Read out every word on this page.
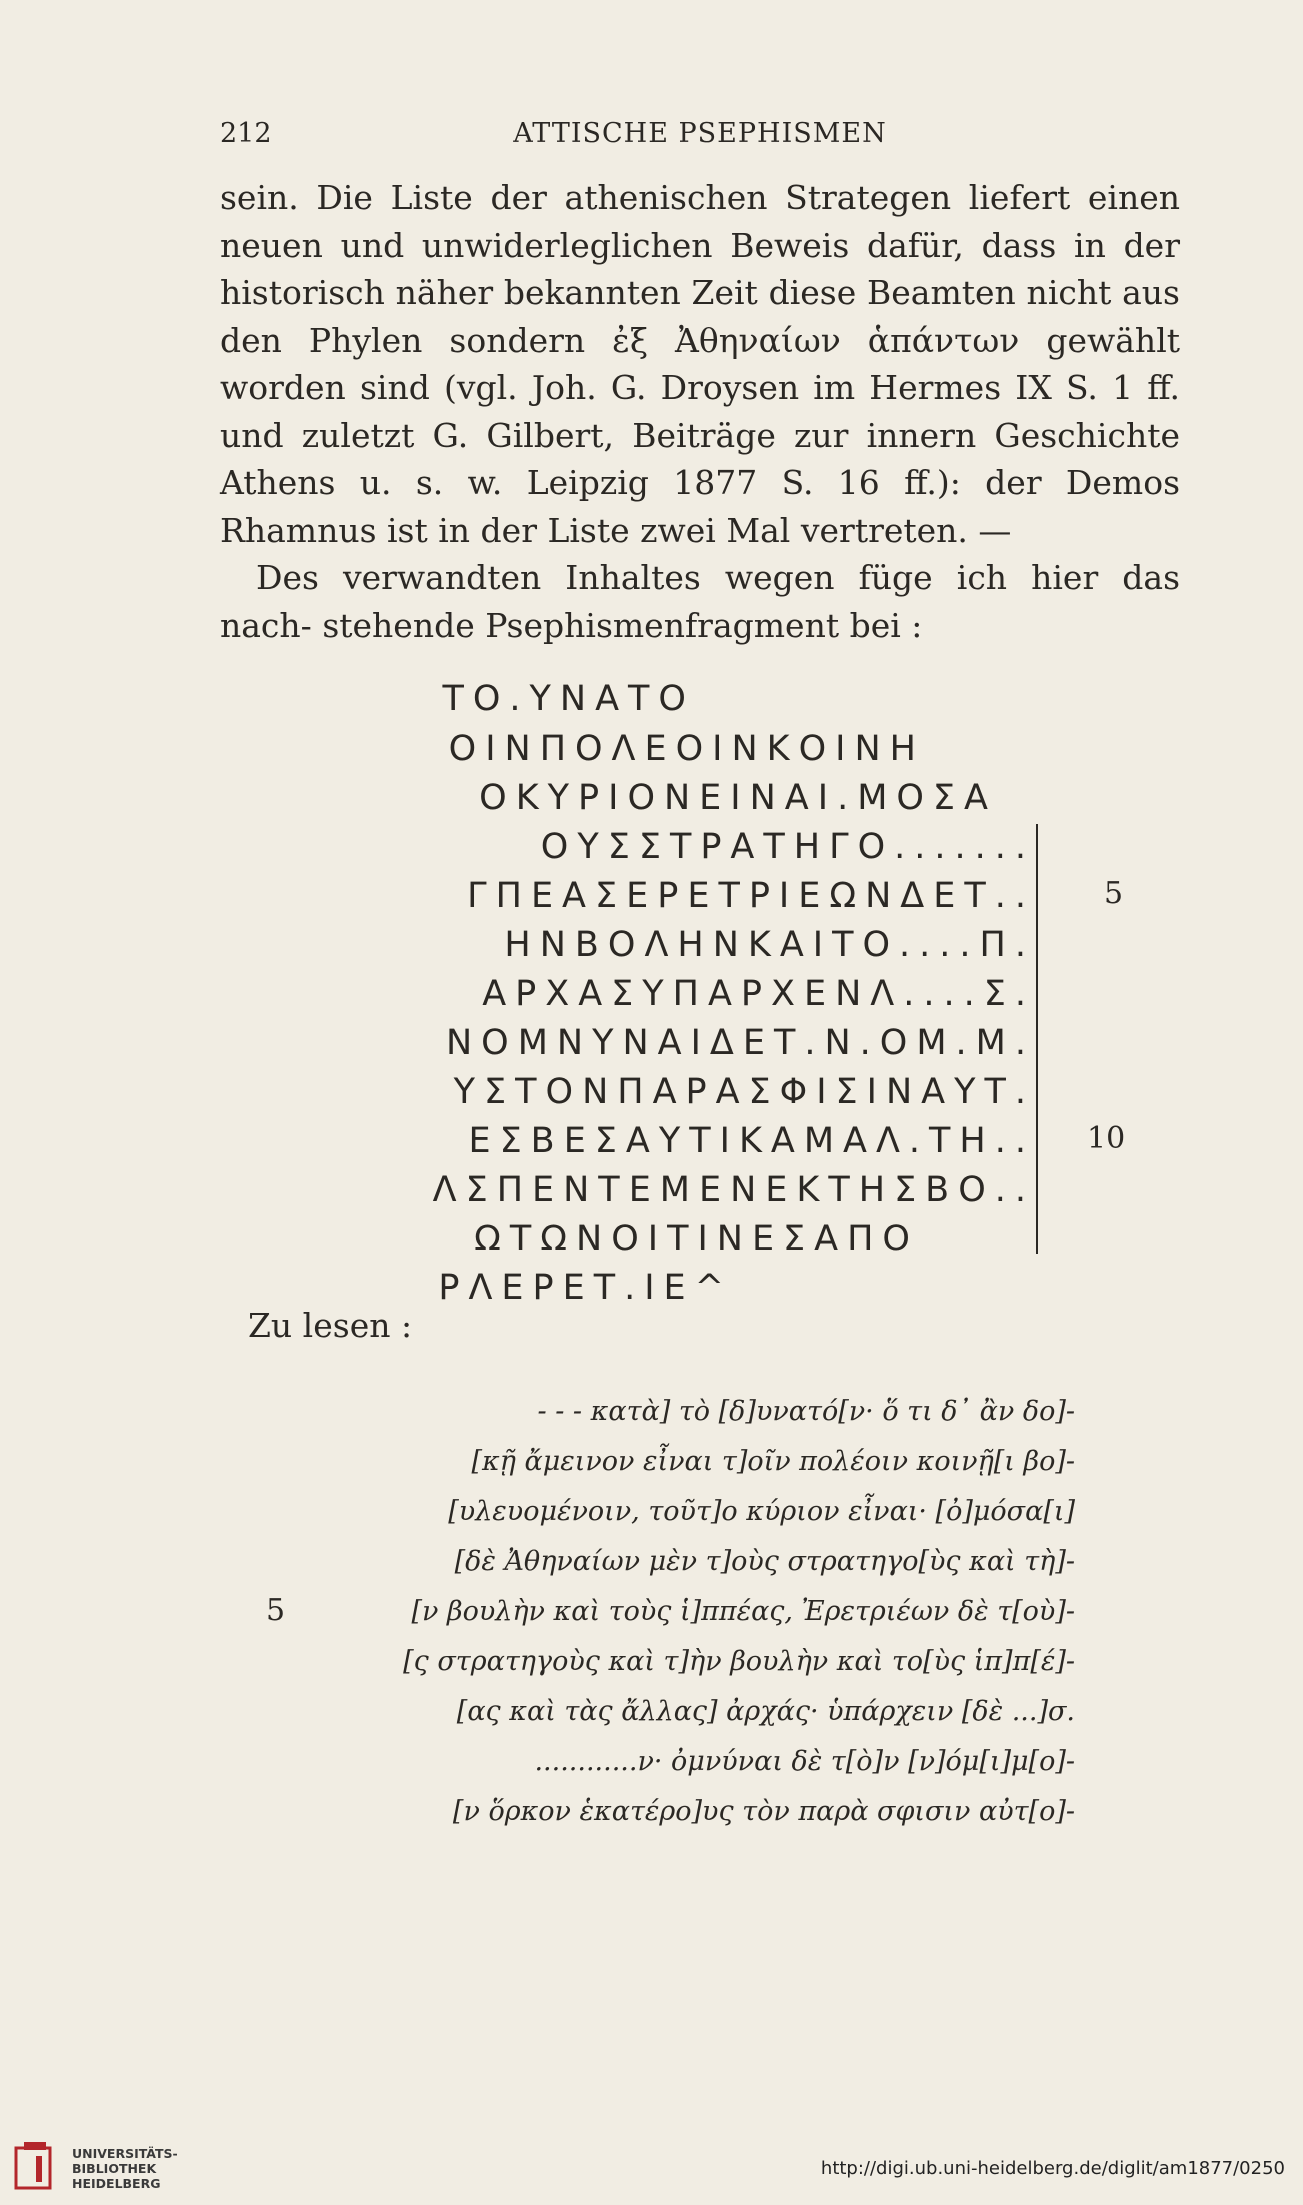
212	ATTISCHE PSEPHISMEN

sein. Die Liste der athenischen Strategen liefert einen neuen und unwiderleglichen Beweis dafür, dass in der historisch näher bekannten Zeit diese Beamten nicht aus den Phylen sondern ἐξ Ἀθηναίων ἁπάντων gewählt worden sind (vgl. Joh. G. Droysen im Hermes IX S. 1 ff. und zuletzt G. Gilbert, Beiträge zur innern Geschichte Athens u. s. w. Leipzig 1877 S. 16 ff.): der Demos Rhamnus ist in der Liste zwei Mal vertreten. —

Des verwandten Inhaltes wegen füge ich hier das nach- stehende Psephismenfragment bei :

ΤΟ.ΥΝΑΤΟ
ΟΙΝΠΟΛΕΟΙΝΚΟΙΝΗ
ΟΚΥΡΙΟΝΕΙΝΑΙ.ΜΟΣΑ
ΟΥΣΣΤΡΑΤΗΓΟ.......
ΓΠΕΑΣΕΡΕΤΡΙΕΩΝΔΕΤ..
ΗΝΒΟΛΗΝΚΑΙΤΟ....Π.
ΑΡΧΑΣΥΠΑΡΧΕΝΛ....Σ.
ΝΟΜΝΥΝΑΙΔΕΤ.Ν.ΟΜ.Μ.
ΥΣΤΟΝΠΑΡΑΣΦΙΣΙΝΑΥΤ.
ΕΣΒΕΣΑΥΤΙΚΑΜΑΛ.ΤΗ..
ΛΣΠΕΝΤΕΜΕΝΕΚΤΗΣΒΟ..
ΩΤΩΝΟΙΤΙΝΕΣΑΠΟ
ΡΛΕΡΕΤ.ΙΕ^
5
10
Zu lesen :
- - - κατὰ] τὸ [δ]υνατό[ν· ὅ τι δ᾽ ἂν δο]-
[κῇ ἄμεινον εἶναι τ]οῖν πολέοιν κοινῇ[ι βο]-
[υλευομένοιν, τοῦτ]ο κύριον εἶναι· [ὀ]μόσα[ι]
[δὲ Ἀθηναίων μὲν τ]οὺς στρατηγο[ὺς καὶ τὴ]-
[ν βουλὴν καὶ τοὺς ἱ]ππέας, Ἐρετριέων δὲ τ[οὺ]-
[ς στρατηγοὺς καὶ τ]ὴν βουλὴν καὶ το[ὺς ἱπ]π[έ]-
[ας καὶ τὰς ἄλλας] ἀρχάς· ὑπάρχειν [δὲ ...]σ.
............ν· ὀμνύναι δὲ τ[ὸ]ν [ν]όμ[ι]μ[ο]-
[ν ὅρκον ἑκατέρο]υς τὸν παρὰ σφισιν αὐτ[ο]-
5
UNIVERSITÄTS-
BIBLIOTHEK
HEIDELBERG
http://digi.ub.uni-heidelberg.de/diglit/am1877/0250
